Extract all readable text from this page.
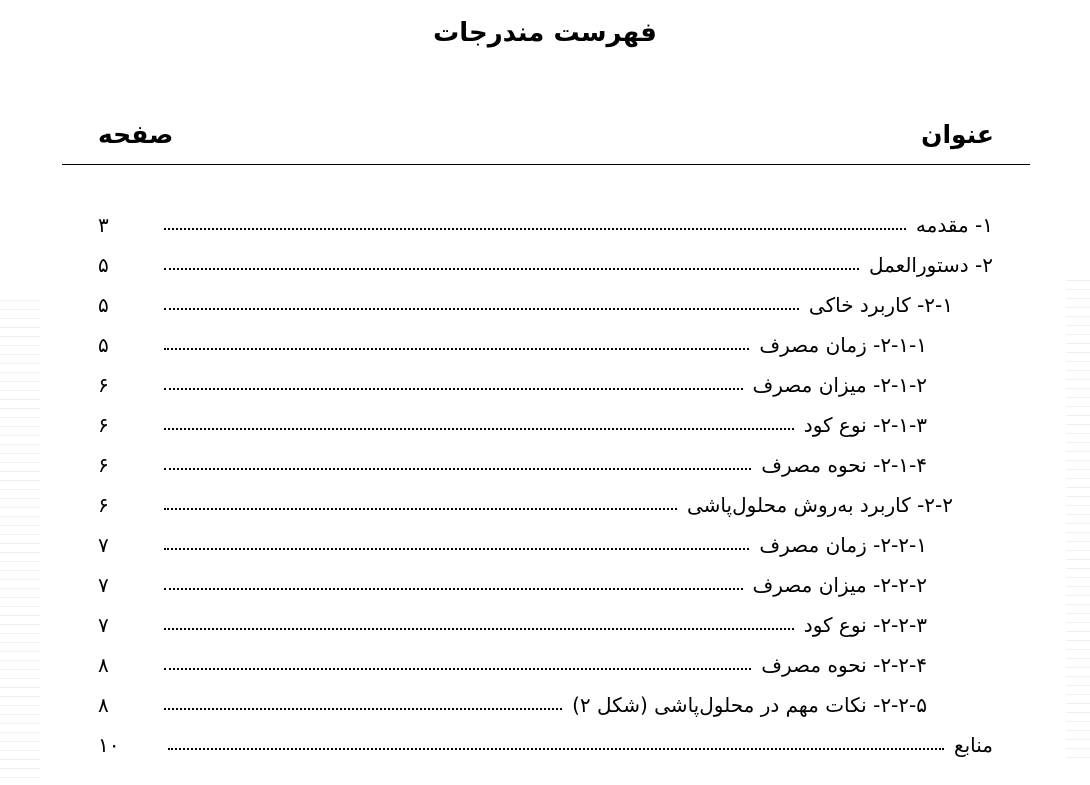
فهرست مندرجات
عنوان
صفحه
۱- مقدمه
۳
۲- دستورالعمل
۵
۲-۱- کاربرد خاکی
۵
۲-۱-۱- زمان مصرف
۵
۲-۱-۲- میزان مصرف
۶
۲-۱-۳- نوع کود
۶
۲-۱-۴- نحوه مصرف
۶
۲-۲- کاربرد به‌روش محلول‌پاشی
۶
۲-۲-۱- زمان مصرف
۷
۲-۲-۲- میزان مصرف
۷
۲-۲-۳- نوع کود
۷
۲-۲-۴- نحوه مصرف
۸
۲-۲-۵- نکات مهم در محلول‌پاشی (شکل ۲)
۸
منابع
۱۰
